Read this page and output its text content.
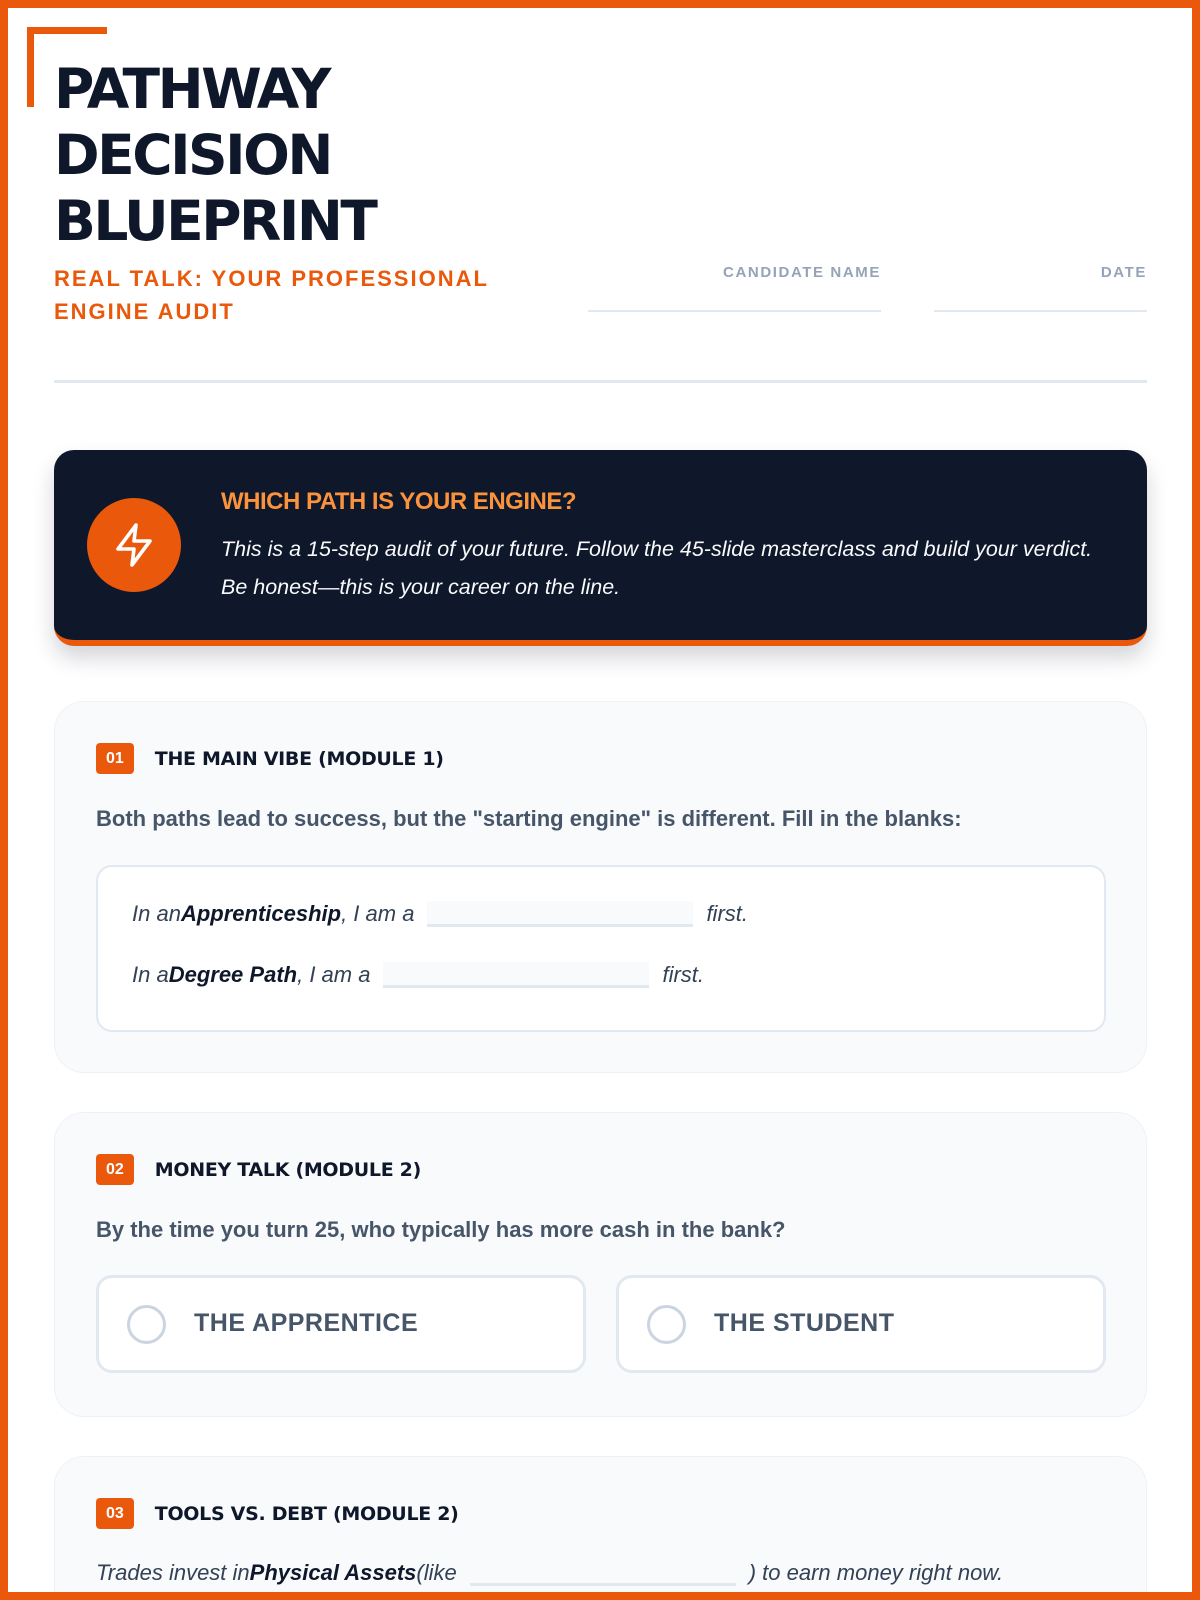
PATHWAY
DECISION
BLUEPRINT
REAL TALK: YOUR PROFESSIONAL ENGINE AUDIT
CANDIDATE NAME	DATE
WHICH PATH IS YOUR ENGINE?
This is a 15-step audit of your future. Follow the 45-slide masterclass and build your verdict. Be honest—this is your career on the line.
01	THE MAIN VIBE (MODULE 1)
Both paths lead to success, but the "starting engine" is different. Fill in the blanks:
In an Apprenticeship , I am a	first.
In a Degree Path , I am a	first.
02	MONEY TALK (MODULE 2)
By the time you turn 25, who typically has more cash in the bank?
THE APPRENTICE	THE STUDENT
03	TOOLS VS. DEBT (MODULE 2)
Trades invest in Physical Assets (like	) to earn money right now.
